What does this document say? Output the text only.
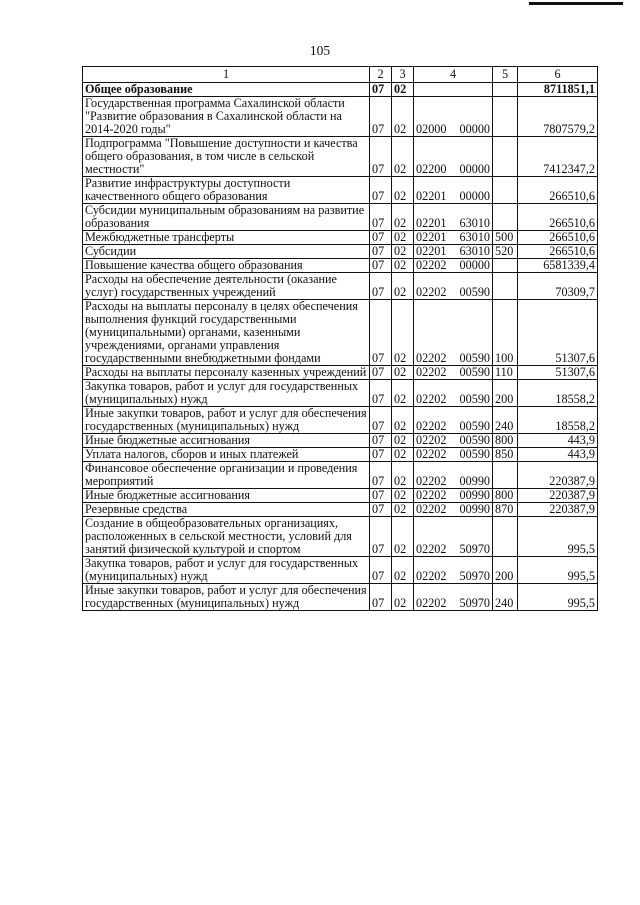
105
1	2	3	4	5	6
Общее образование	07	02			8711851,1
Государственная программа Сахалинской области "Развитие образования в Сахалинской области на 2014-2020 годы"	07	02	02000 00000		7807579,2
Подпрограмма "Повышение доступности и качества общего образования, в том числе в сельской местности"	07	02	02200 00000		7412347,2
Развитие инфраструктуры доступности качественного общего образования	07	02	02201 00000		266510,6
Субсидии муниципальным образованиям на развитие образования	07	02	02201 63010		266510,6
Межбюджетные трансферты	07	02	02201 63010	500	266510,6
Субсидии	07	02	02201 63010	520	266510,6
Повышение качества общего образования	07	02	02202 00000		6581339,4
Расходы на обеспечение деятельности (оказание услуг) государственных учреждений	07	02	02202 00590		70309,7
Расходы на выплаты персоналу в целях обеспечения выполнения функций государственными (муниципальными) органами, казенными учреждениями, органами управления государственными внебюджетными фондами	07	02	02202 00590	100	51307,6
Расходы на выплаты персоналу казенных учреждений	07	02	02202 00590	110	51307,6
Закупка товаров, работ и услуг для государственных (муниципальных) нужд	07	02	02202 00590	200	18558,2
Иные закупки товаров, работ и услуг для обеспечения государственных (муниципальных) нужд	07	02	02202 00590	240	18558,2
Иные бюджетные ассигнования	07	02	02202 00590	800	443,9
Уплата налогов, сборов и иных платежей	07	02	02202 00590	850	443,9
Финансовое обеспечение организации и проведения мероприятий	07	02	02202 00990		220387,9
Иные бюджетные ассигнования	07	02	02202 00990	800	220387,9
Резервные средства	07	02	02202 00990	870	220387,9
Создание в общеобразовательных организациях, расположенных в сельской местности, условий для занятий физической культурой и спортом	07	02	02202 50970		995,5
Закупка товаров, работ и услуг для государственных (муниципальных) нужд	07	02	02202 50970	200	995,5
Иные закупки товаров, работ и услуг для обеспечения государственных (муниципальных) нужд	07	02	02202 50970	240	995,5
